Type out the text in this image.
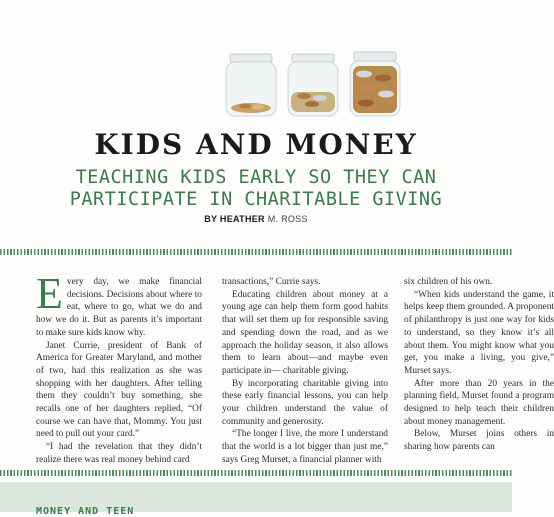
KIDS AND MONEY
TEACHING KIDS EARLY SO THEY CAN
PARTICIPATE IN CHARITABLE GIVING
BY HEATHER M. ROSS

Every day, we make financial decisions. Decisions about where to eat, where to go, what we do and how we do it. But as parents it’s important to make sure kids know why.

Janet Currie, president of Bank of America for Greater Maryland, and mother of two, had this realization as she was shopping with her daughters. After telling them they couldn’t buy something, she recalls one of her daughters replied, “Of course we can have that, Mommy. You just need to pull out your card.”

“I had the revelation that they didn’t realize there was real money behind card

transactions,” Currie says.

Educating children about money at a young age can help them form good habits that will set them up for responsible saving and spending down the road, and as we approach the holiday season, it also allows them to learn about—and maybe even participate in— charitable giving.

By incorporating charitable giving into these early financial lessons, you can help your children understand the value of community and generosity.

“The longer I live, the more I understand that the world is a lot bigger than just me,” says Greg Murset, a financial planner with

six children of his own.

“When kids understand the game, it helps keep them grounded. A proponent of philanthropy is just one way for kids to understand, so they know it’s all about them. You might know what you get, you make a living, you give,” Murset says.

After more than 20 years in the planning field, Murset found a program designed to help teach their children about money management.

Below, Murset joins others in sharing how parents can

MONEY AND TEEN
